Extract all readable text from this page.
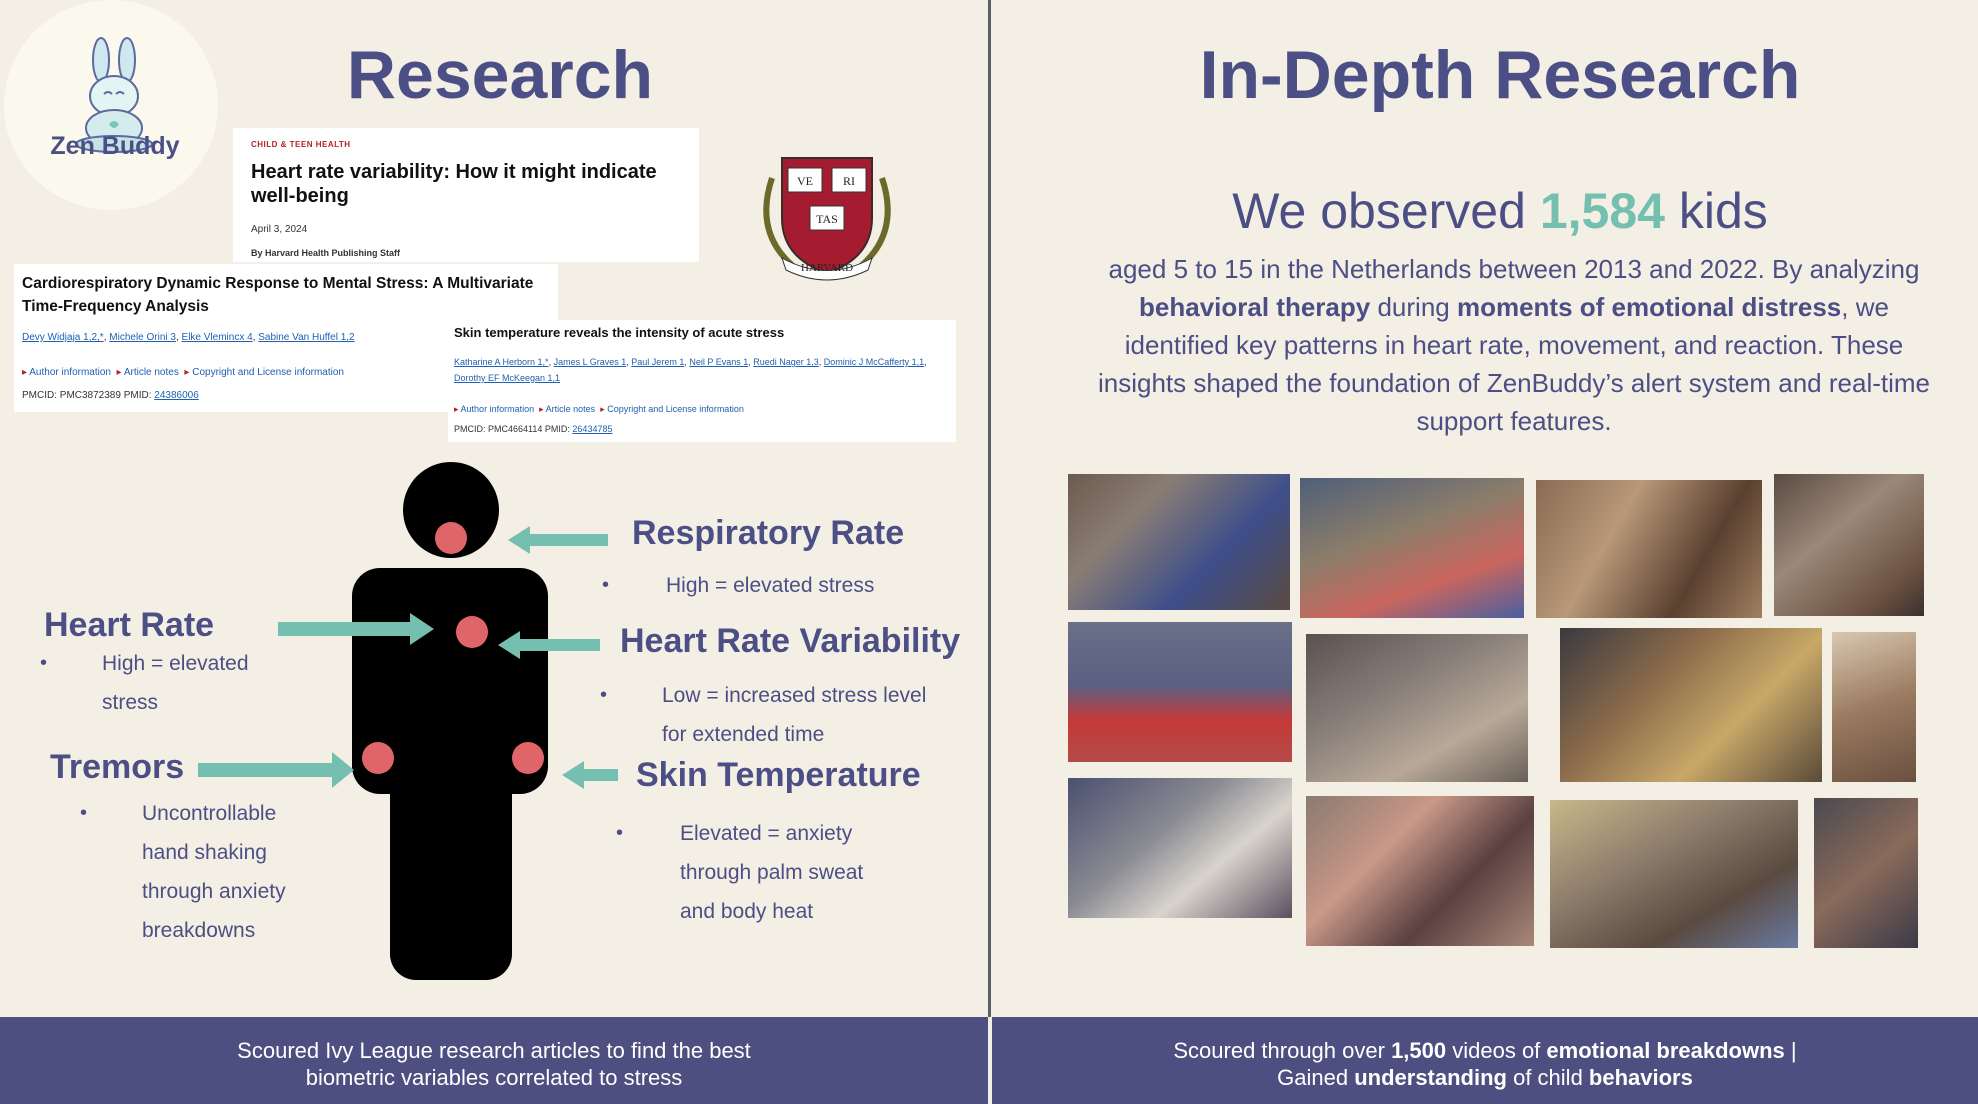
Zen Buddy
Research
CHILD & TEEN HEALTH
Heart rate variability: How it might indicate well-being
April 3, 2024
By Harvard Health Publishing Staff
VE	RI
TAS
HARVARD
Cardiorespiratory Dynamic Response to Mental Stress: A Multivariate Time-Frequency Analysis
Devy Widjaja 1,2,*, Michele Orini 3, Elke Vlemincx 4, Sabine Van Huffel 1,2
▸ Author information ▸ Article notes ▸ Copyright and License information
PMCID: PMC3872389 PMID: 24386006
Skin temperature reveals the intensity of acute stress
Katharine A Herborn 1,*, James L Graves 1, Paul Jerem 1, Neil P Evans 1, Ruedi Nager 1,3, Dominic J McCafferty 1,1, Dorothy EF McKeegan 1,1
▸ Author information ▸ Article notes ▸ Copyright and License information
PMCID: PMC4664114 PMID: 26434785
Respiratory Rate
•	High = elevated stress
Heart Rate
•	High = elevated
stress
Heart Rate Variability
•	Low = increased stress level
for extended time
Tremors
•	Uncontrollable
hand shaking
through anxiety
breakdowns
Skin Temperature
•	Elevated = anxiety
through palm sweat
and body heat
In-Depth Research
We observed 1,584 kids
aged 5 to 15 in the Netherlands between 2013 and 2022. By analyzing behavioral therapy during moments of emotional distress, we identified key patterns in heart rate, movement, and reaction. These insights shaped the foundation of ZenBuddy’s alert system and real-time support features.
Scoured Ivy League research articles to find the best
biometric variables correlated to stress
Scoured through over 1,500 videos of emotional breakdowns |
Gained understanding of child behaviors
